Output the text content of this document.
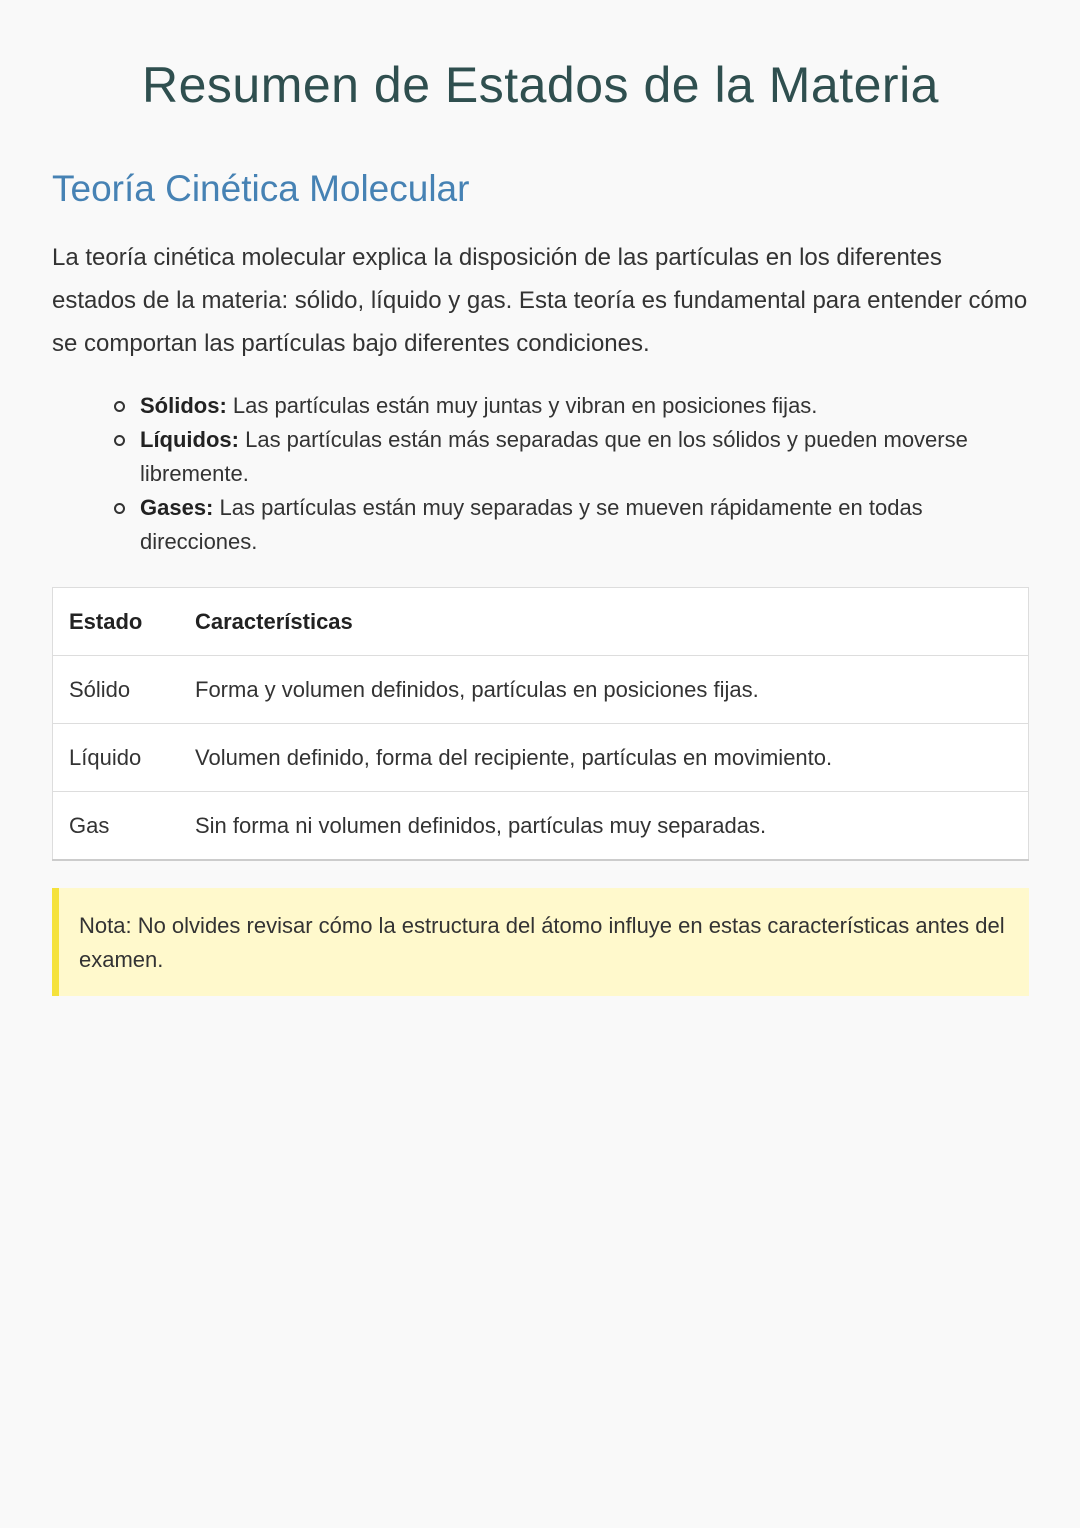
Resumen de Estados de la Materia
Teoría Cinética Molecular

La teoría cinética molecular explica la disposición de las partículas en los diferentes estados de la materia: sólido, líquido y gas. Esta teoría es fundamental para entender cómo se comportan las partículas bajo diferentes condiciones.

Sólidos: Las partículas están muy juntas y vibran en posiciones fijas.
Líquidos: Las partículas están más separadas que en los sólidos y pueden moverse libremente.
Gases: Las partículas están muy separadas y se mueven rápidamente en todas direcciones.
Estado	Características
Sólido	Forma y volumen definidos, partículas en posiciones fijas.
Líquido	Volumen definido, forma del recipiente, partículas en movimiento.
Gas	Sin forma ni volumen definidos, partículas muy separadas.
Nota: No olvides revisar cómo la estructura del átomo influye en estas características antes del examen.
